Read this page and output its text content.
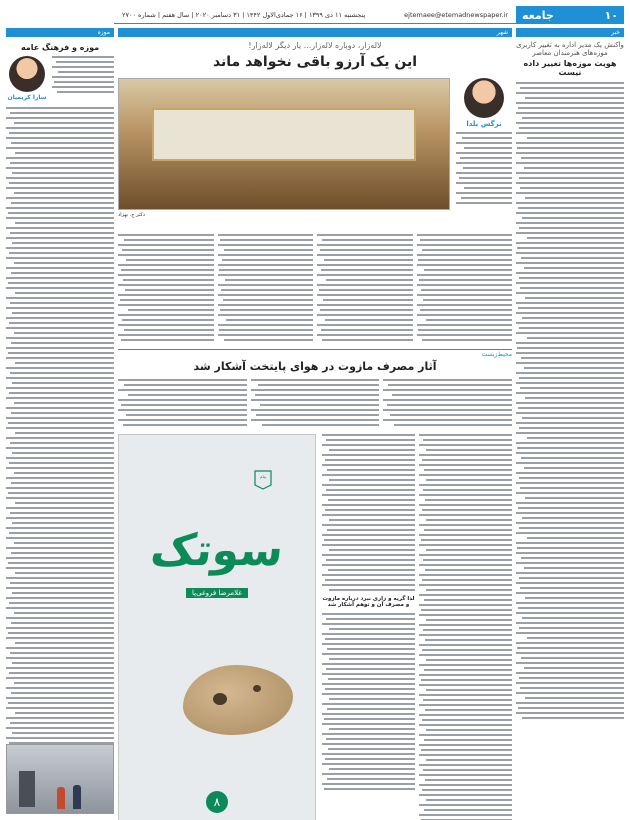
۱۰
جامعه
ejtemaee@etemadnewspaper.ir
پنجشنبه ۱۱ دی ۱۳۹۹ | ۱۶ جمادی‌الاول ۱۴۴۲ | ۳۱ دسامبر ۲۰۲۰ | سال هفتم | شماره ۲۷۰۰
خبر
واکنش یک مدیر اداره به تغییر کاربری موزه‌های هنرمندان معاصر
هویت موزه‌ها تغییر داده نیست
شهر
لاله‌زار، دوباره لاله‌زار... یار دیگر لاله‌زار!
این یک آرزو باقی نخواهد ماند
نرگس بلدا
دکتر ج. بهزاد
محیط‌زیست
آثار مصرف مازوت در هوای پایتخت آشکار شد
لذا گریه و زاری نبرد درباره مازوت و مصرف آن و توهم آشکار شد
پیام
سوتک
غلامرضا فروغی‌پا
۸
موزه
موزه و فرهنگ عامه
سارا کریمیان
